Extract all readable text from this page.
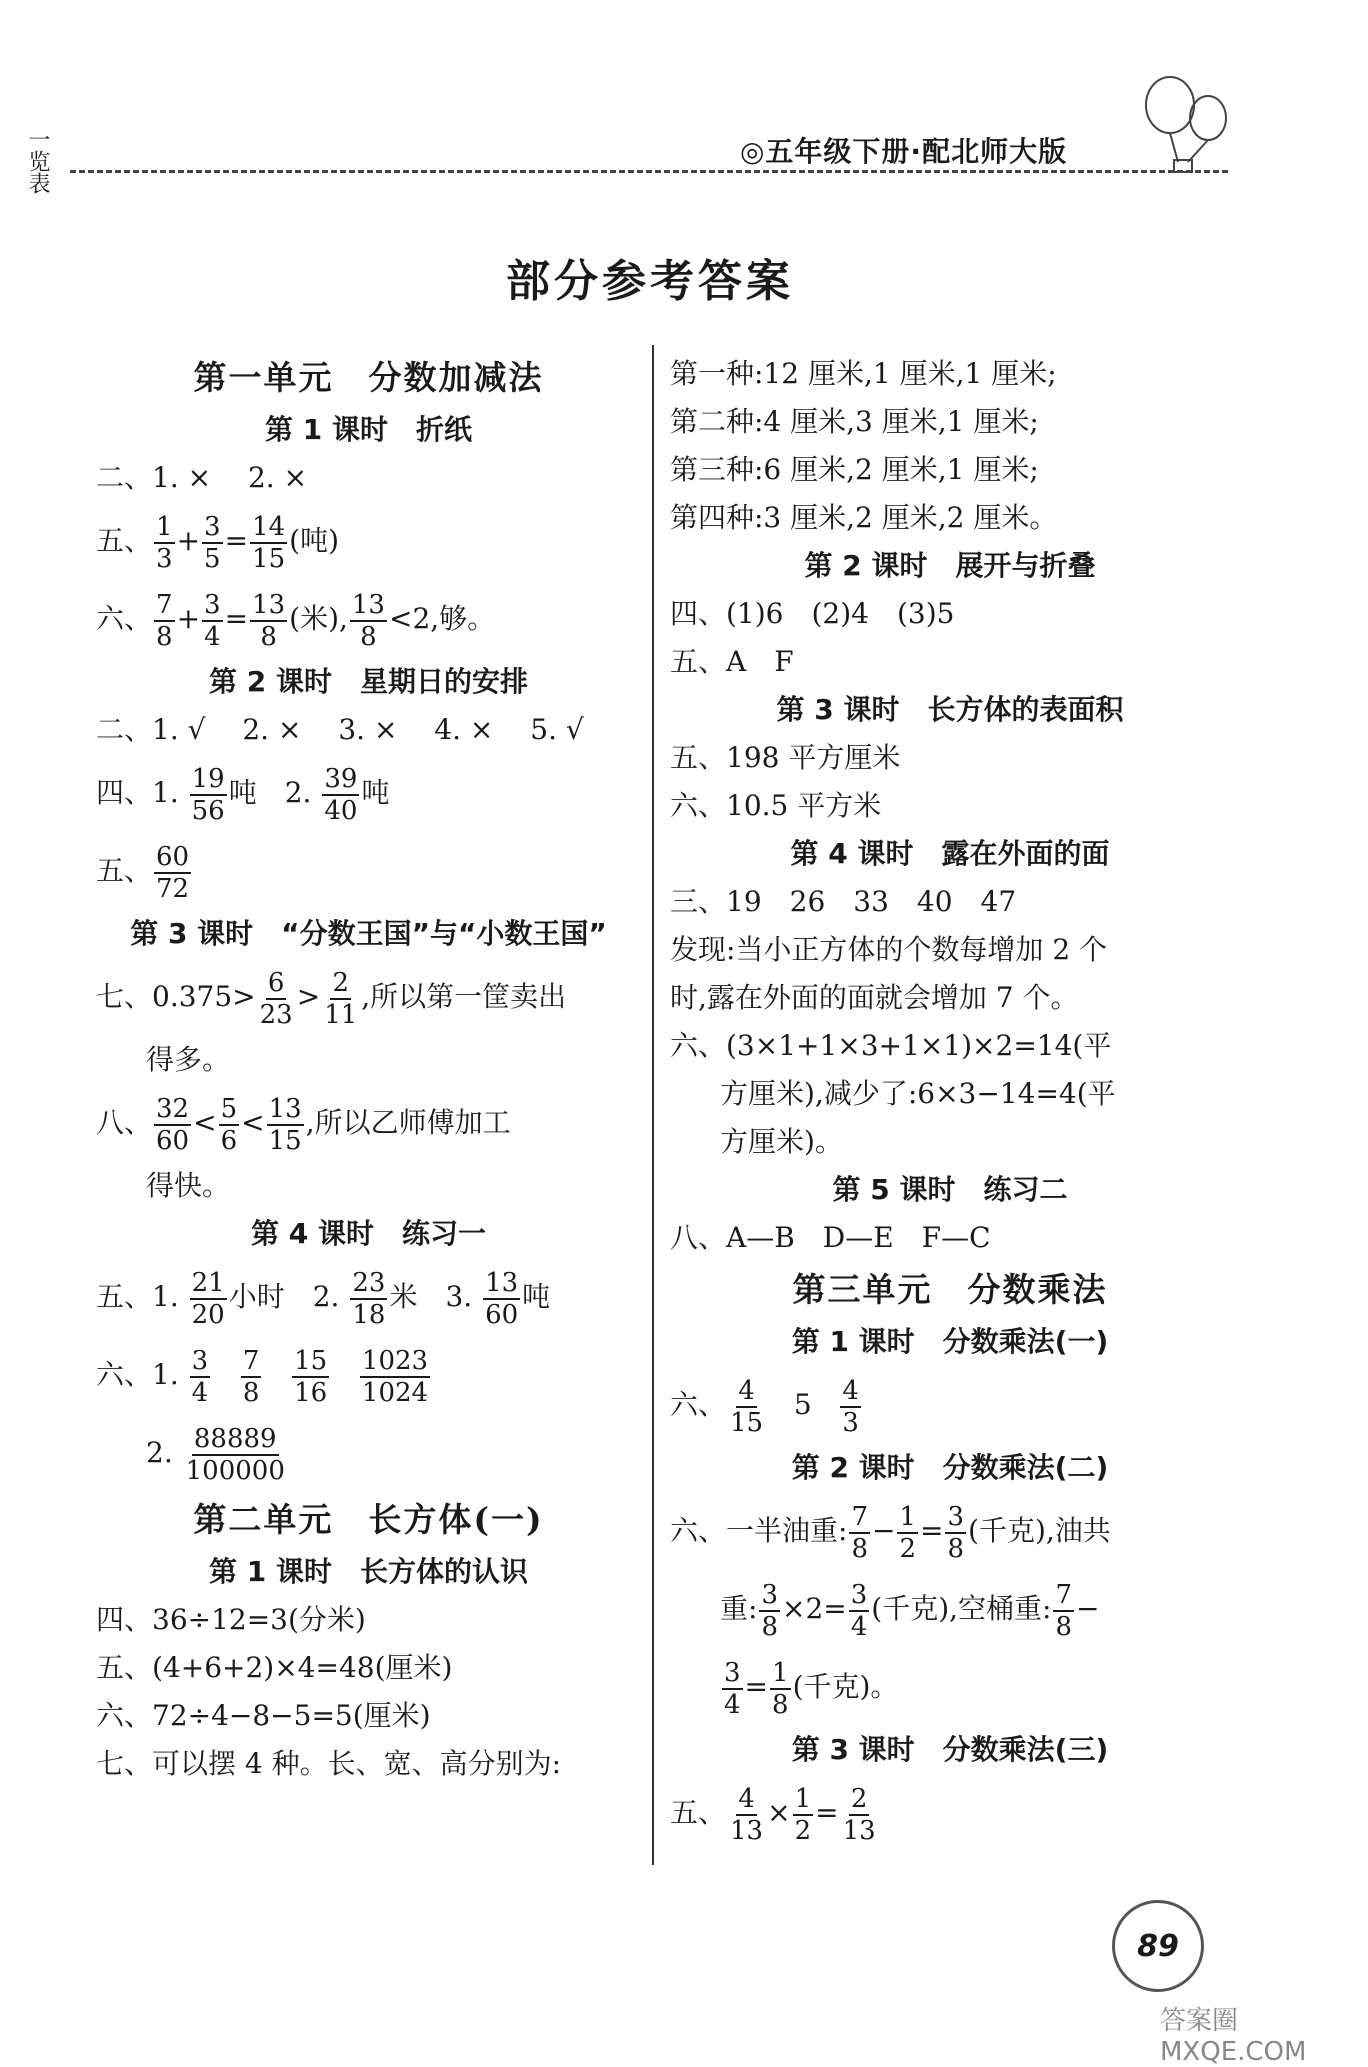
一览表	◎五年级下册·配北师大版
部分参考答案

第一单元　分数加减法

第 1 课时　折纸

二、1. ×　 2. ×

五、 $\frac{1}{3} + \frac{3}{5} = \frac{14}{15}$ (吨)

六、 $\frac{7}{8} + \frac{3}{4} = \frac{13}{8}$ (米), $\frac{13}{8} <2$,够。

第 2 课时　星期日的安排

二、1. √　 2. ×　 3. ×　 4. ×　 5. √

四、1. $\frac{19}{56}$ 吨　2. $\frac{39}{40}$ 吨

五、 $\frac{60}{72}$

第 3 课时　“分数王国”与“小数王国”

七、$0.375> \frac{6}{23} > \frac{2}{11}$ ,所以第一筐卖出

得多。

八、 $\frac{32}{60} < \frac{5}{6} < \frac{13}{15}$ ,所以乙师傅加工

得快。

第 4 课时　练习一

五、1. $\frac{21}{20}$ 小时　2. $\frac{23}{18}$ 米　3. $\frac{13}{60}$ 吨

六、1. $\frac{3}{4}$
$\frac{7}{8}$
$\frac{15}{16}$
$\frac{1023}{1024}$

2. $\frac{88889}{100000}$

第二单元　长方体(一)

第 1 课时　长方体的认识

四、36÷12=3(分米)

五、(4+6+2)×4=48(厘米)

六、72÷4−8−5=5(厘米)

七、可以摆 4 种。长、宽、高分别为:

第一种:12 厘米,1 厘米,1 厘米;

第二种:4 厘米,3 厘米,1 厘米;

第三种:6 厘米,2 厘米,1 厘米;

第四种:3 厘米,2 厘米,2 厘米。

第 2 课时　展开与折叠

四、(1)6　(2)4　(3)5

五、A　F

第 3 课时　长方体的表面积

五、198 平方厘米

六、10.5 平方米

第 4 课时　露在外面的面

三、19　26　33　40　47

发现:当小正方体的个数每增加 2 个

时,露在外面的面就会增加 7 个。

六、(3×1+1×3+1×1)×2=14(平

方厘米),减少了:6×3−14=4(平

方厘米)。

第 5 课时　练习二

八、A—B　D—E　F—C

第三单元　分数乘法

第 1 课时　分数乘法(一)

六、 $\frac{4}{15} 5 \frac{4}{3}$

第 2 课时　分数乘法(二)

六、一半油重: $\frac{7}{8} - \frac{1}{2} = \frac{3}{8}$ (千克),油共

重: $\frac{3}{8} \times 2= \frac{3}{4}$ (千克),空桶重: $\frac{7}{8}$ −

$\frac{3}{4} = \frac{1}{8}$ (千克)。

第 3 课时　分数乘法(三)

五、 $\frac{4}{13} \times \frac{1}{2} = \frac{2}{13}$

89
答案圈 MXQE.COM
